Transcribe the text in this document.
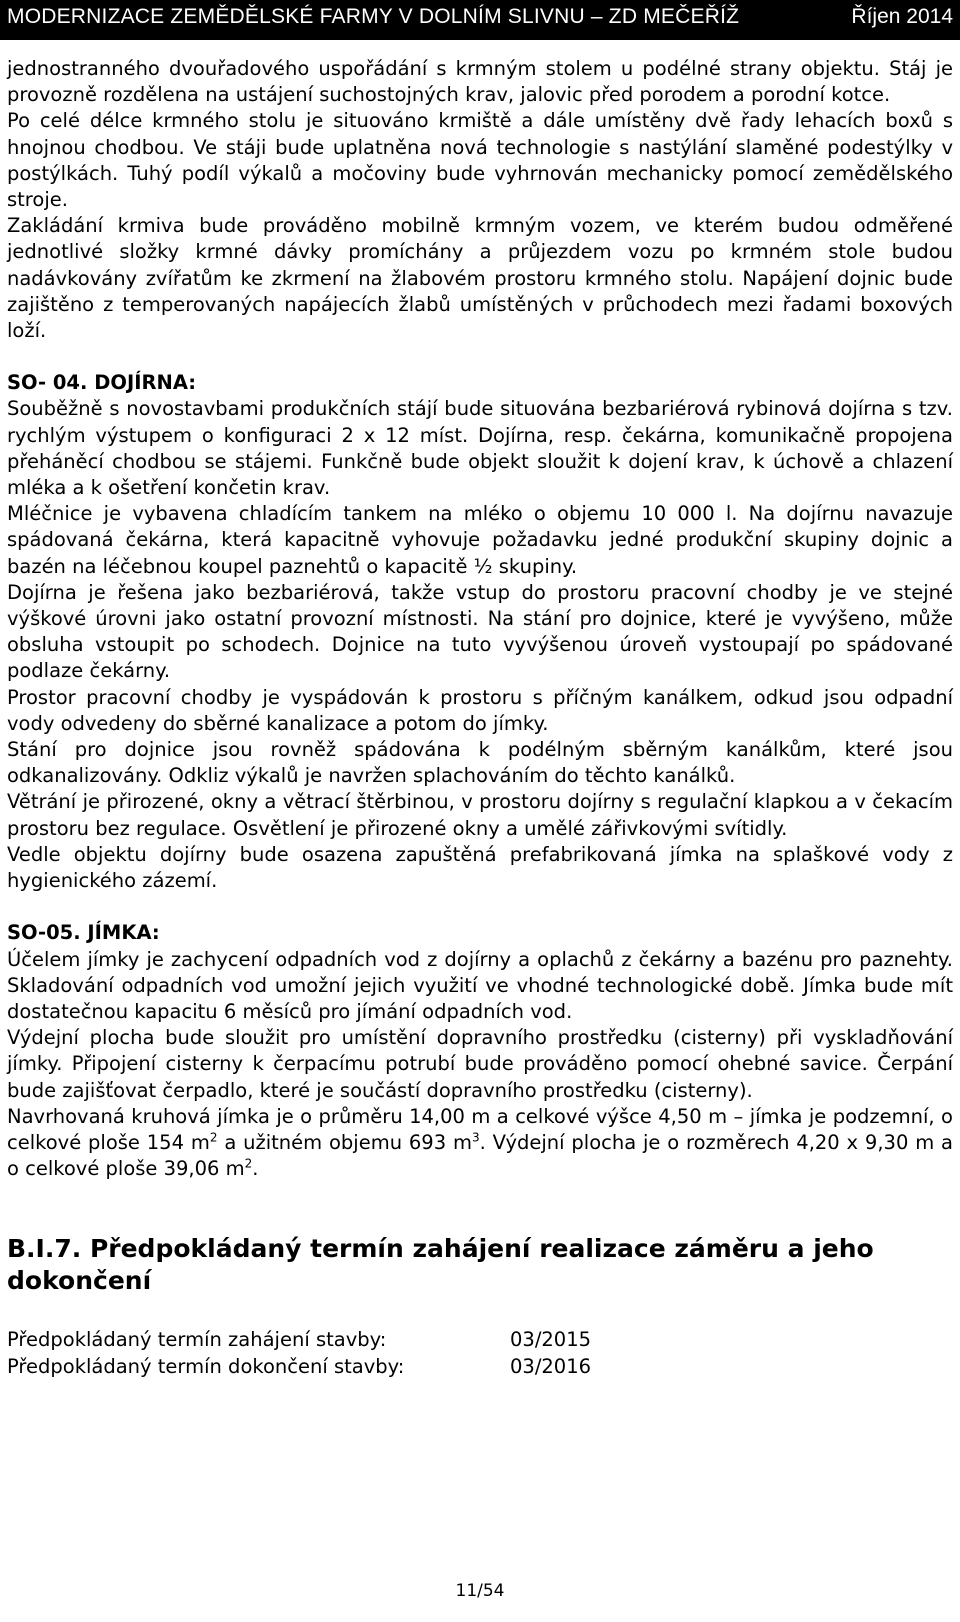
MODERNIZACE ZEMĚDĚLSKÉ FARMY V DOLNÍM SLIVNU – ZD MEČEŘÍŽ	Říjen 2014

jednostranného dvouřadového uspořádání s krmným stolem u podélné strany objektu. Stáj je provozně rozdělena na ustájení suchostojných krav, jalovic před porodem a porodní kotce.

Po celé délce krmného stolu je situováno krmiště a dále umístěny dvě řady lehacích boxů s hnojnou chodbou. Ve stáji bude uplatněna nová technologie s nastýlání slaměné podestýlky v postýlkách. Tuhý podíl výkalů a močoviny bude vyhrnován mechanicky pomocí zemědělského stroje.

Zakládání krmiva bude prováděno mobilně krmným vozem, ve kterém budou odměřené jednotlivé složky krmné dávky promíchány a průjezdem vozu po krmném stole budou nadávkovány zvířatům ke zkrmení na žlabovém prostoru krmného stolu. Napájení dojnic bude zajištěno z temperovaných napájecích žlabů umístěných v průchodech mezi řadami boxových loží.

SO- 04. DOJÍRNA:

Souběžně s novostavbami produkčních stájí bude situována bezbariérová rybinová dojírna s tzv. rychlým výstupem o konfiguraci 2 x 12 míst. Dojírna, resp. čekárna, komunikačně propojena přeháněcí chodbou se stájemi. Funkčně bude objekt sloužit k dojení krav, k úchově a chlazení mléka a k ošetření končetin krav.

Mléčnice je vybavena chladícím tankem na mléko o objemu 10 000 l. Na dojírnu navazuje spádovaná čekárna, která kapacitně vyhovuje požadavku jedné produkční skupiny dojnic a bazén na léčebnou koupel paznehtů o kapacitě ½ skupiny.

Dojírna je řešena jako bezbariérová, takže vstup do prostoru pracovní chodby je ve stejné výškové úrovni jako ostatní provozní místnosti. Na stání pro dojnice, které je vyvýšeno, může obsluha vstoupit po schodech. Dojnice na tuto vyvýšenou úroveň vystoupají po spádované podlaze čekárny.

Prostor pracovní chodby je vyspádován k prostoru s příčným kanálkem, odkud jsou odpadní vody odvedeny do sběrné kanalizace a potom do jímky.

Stání pro dojnice jsou rovněž spádována k podélným sběrným kanálkům, které jsou odkanalizovány. Odkliz výkalů je navržen splachováním do těchto kanálků.

Větrání je přirozené, okny a větrací štěrbinou, v prostoru dojírny s regulační klapkou a v čekacím prostoru bez regulace. Osvětlení je přirozené okny a umělé zářivkovými svítidly.

Vedle objektu dojírny bude osazena zapuštěná prefabrikovaná jímka na splaškové vody z hygienického zázemí.

SO-05. JÍMKA:

Účelem jímky je zachycení odpadních vod z dojírny a oplachů z čekárny a bazénu pro paznehty. Skladování odpadních vod umožní jejich využití ve vhodné technologické době. Jímka bude mít dostatečnou kapacitu 6 měsíců pro jímání odpadních vod.

Výdejní plocha bude sloužit pro umístění dopravního prostředku (cisterny) při vyskladňování jímky. Připojení cisterny k čerpacímu potrubí bude prováděno pomocí ohebné savice. Čerpání bude zajišťovat čerpadlo, které je součástí dopravního prostředku (cisterny).

Navrhovaná kruhová jímka je o průměru 14,00 m a celkové výšce 4,50 m – jímka je podzemní, o celkové ploše 154 $m^2$ a užitném objemu 693 $m^3$. Výdejní plocha je o rozměrech 4,20 x 9,30 m a o celkové ploše 39,06 $m^2$.

B.I.7. Předpokládaný termín zahájení realizace záměru a jeho dokončení
Předpokládaný termín zahájení stavby:	03/2015
Předpokládaný termín dokončení stavby:	03/2016
11/54
